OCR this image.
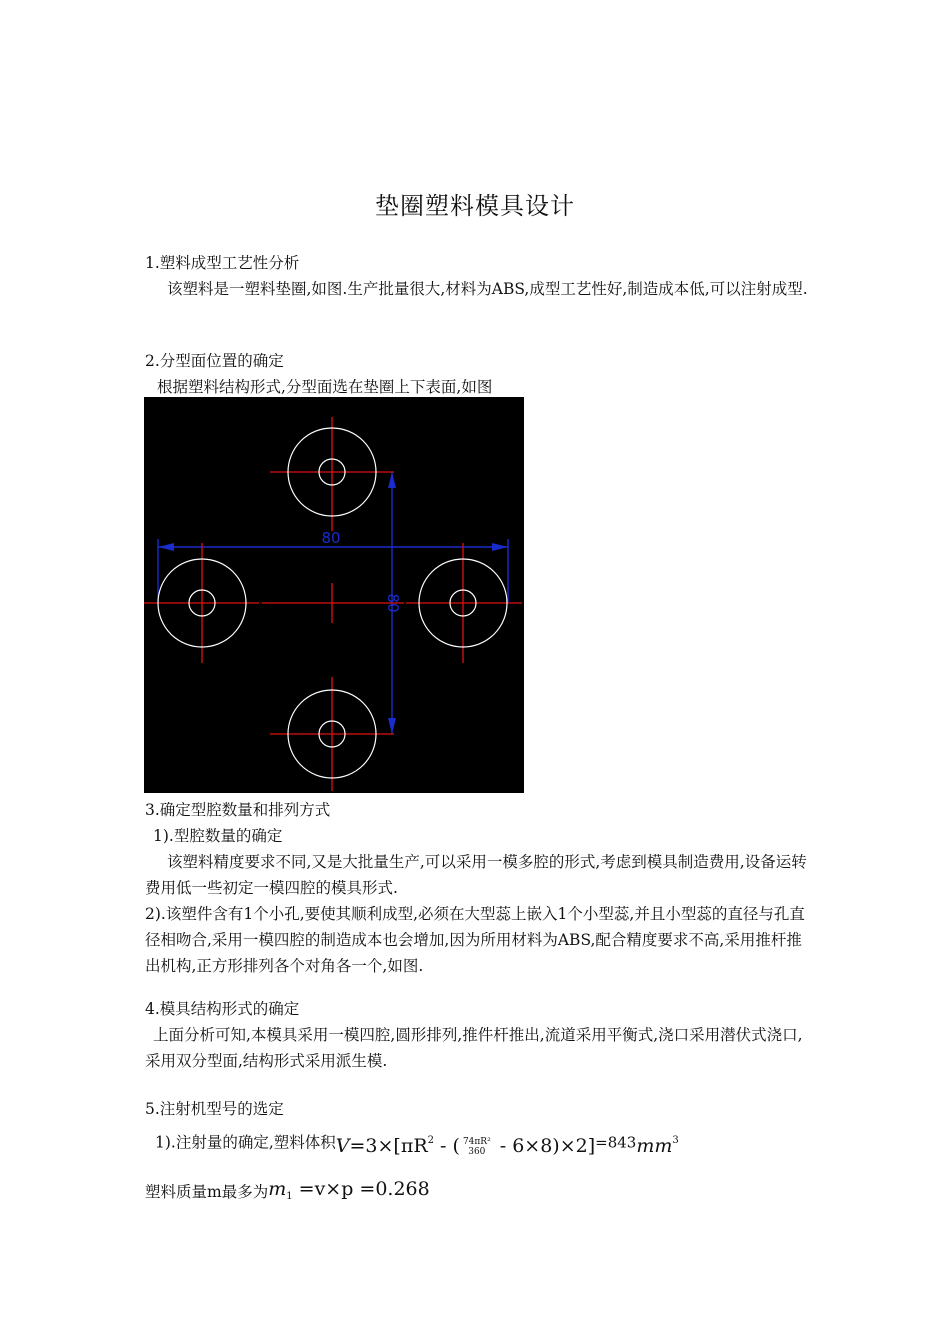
垫圈塑料模具设计

1.塑料成型工艺性分析

该塑料是一塑料垫圈,如图.生产批量很大,材料为ABS,成型工艺性好,制造成本低,可以注射成型.

2.分型面位置的确定

根据塑料结构形式,分型面选在垫圈上下表面,如图

80
80

3.确定型腔数量和排列方式

1).型腔数量的确定

该塑料精度要求不同,又是大批量生产,可以采用一模多腔的形式,考虑到模具制造费用,设备运转费用低一些初定一模四腔的模具形式.

2).该塑件含有1个小孔,要使其顺利成型,必须在大型蕊上嵌入1个小型蕊,并且小型蕊的直径与孔直径相吻合,采用一模四腔的制造成本也会增加,因为所用材料为ABS,配合精度要求不高,采用推杆推出机构,正方形排列各个对角各一个,如图.

4.模具结构形式的确定

上面分析可知,本模具采用一模四腔,圆形排列,推件杆推出,流道采用平衡式,浇口采用潜伏式浇口,采用双分型面,结构形式采用派生模.

5.注射机型号的选定

1).注射量的确定,塑料体积$V=3\times[\pi R^2$ - ( 74πR²
$360 - 6\times 8)\times 2]=843mm^3$
塑料质量m最多为$m_1 =v\times p =0.268$
